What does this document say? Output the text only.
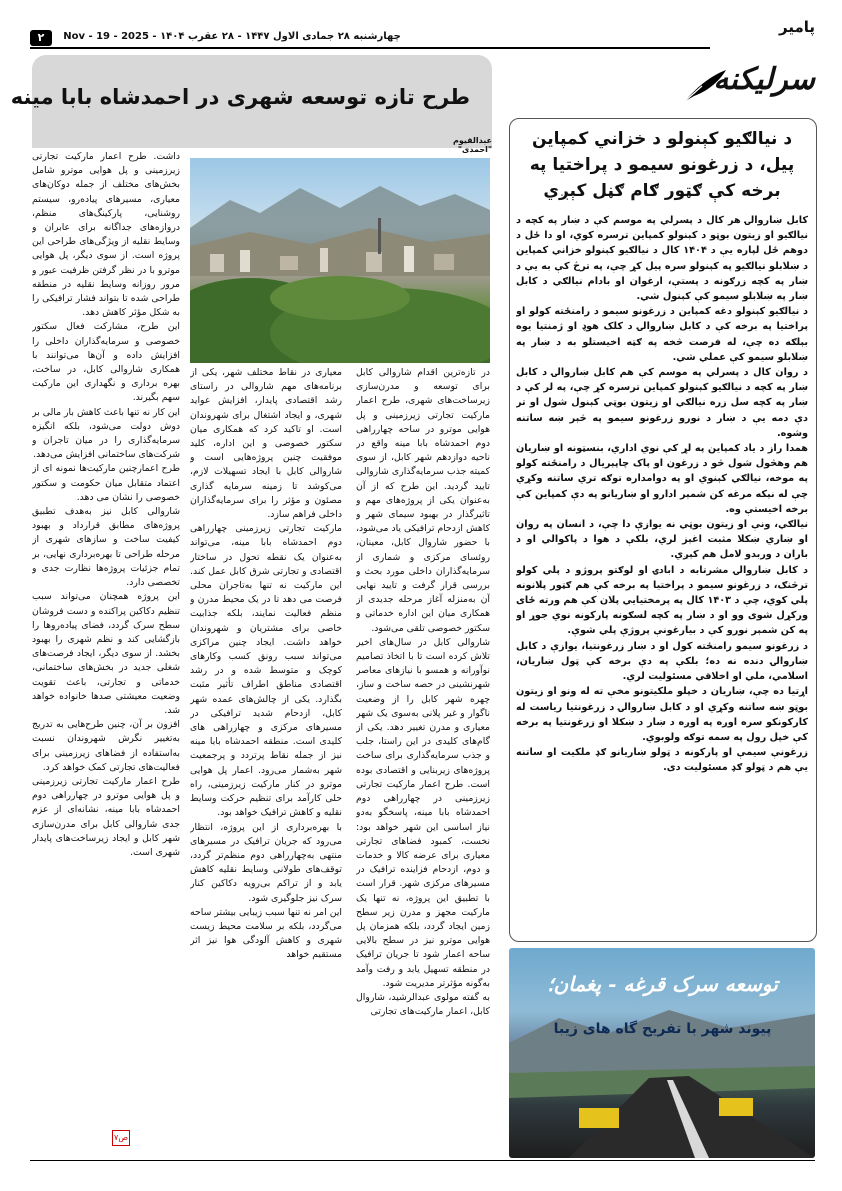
۲	چهارشنبه ۲۸ جمادی الاول ۱۴۴۷ - ۲۸ عقرب ۱۴۰۴ - Nov - 19 - 2025
پامیر
سرلیکنه
طرح تازه توسعه شهری در احمدشاه بابا مینه
عبدالقیوم "احمدی"

در تازه‌ترین اقدام شاروالی کابل برای توسعه و مدرن‌سازی زیرساخت‌های شهری، طرح اعمار مارکیت تجارتی زیرزمینی و پل هوایی موترو در ساحه چهارراهی دوم احمدشاه بابا مینه واقع در ناحیه دوازدهم شهر کابل، از سوی کمیته جذب سرمایه‌گذاری شاروالی تایید گردید. این طرح که از آن به‌عنوان یکی از پروژه‌های مهم و تاثیرگذار در بهبود سیمای شهر و کاهش ازدحام ترافیکی یاد می‌شود، با حضور شاروال کابل، معینان، روئسای مرکزی و شماری از سرمایه‌گذاران داخلی مورد بحث و بررسی قرار گرفت و تایید نهایی آن به‌منزله آغاز مرحله جدیدی از همکاری میان این اداره خدماتی و سکتور خصوصی تلقی می‌شود.

شاروالی کابل در سال‌های اخیر تلاش کرده است تا با اتخاذ تصامیم نوآورانه و همسو با نیازهای معاصر شهرنشینی در حصه ساخت و ساز، چهره شهر کابل را از وضعیت ناگوار و غیر پلانی به‌سوی یک شهر معیاری و مدرن تغییر دهد. یکی از گام‌های کلیدی در این راستا، جلب و جذب سرمایه‌گذاری برای ساخت پروژه‌های زیربنایی و اقتصادی بوده است. طرح اعمار مارکیت تجارتی زیرزمینی در چهارراهی دوم احمدشاه بابا مینه، پاسخگو به‌دو نیاز اساسی این شهر خواهد بود: نخست، کمبود فضاهای تجارتی معیاری برای عرضه کالا و خدمات و دوم، ازدحام فزاینده ترافیک در مسیرهای مرکزی شهر. قرار است با تطبیق این پروژه، نه تنها یک مارکیت مجهز و مدرن زیر سطح زمین ایجاد گردد، بلکه همزمان پل هوایی موترو نیز در سطح بالایی ساحه اعمار شود تا جریان ترافیک در منطقه تسهیل یابد و رفت وآمد به‌گونه مؤثرتر مدیریت شود.

به گفته مولوی عبدالرشید، شاروال کابل، اعمار مارکیت‌های تجارتی

معیاری در نقاط مختلف شهر، یکی از برنامه‌های مهم شاروالی در راستای رشد اقتصادی پایدار، افزایش عواید شهری، و ایجاد اشتغال برای شهروندان است. او تاکید کرد که همکاری میان سکتور خصوصی و این اداره، کلید موفقیت چنین پروژه‌هایی است و شاروالی کابل با ایجاد تسهیلات لازم، می‌کوشد تا زمینه سرمایه گذاری مصئون و مؤثر را برای سرمایه‌گذاران داخلی فراهم سازد.

مارکیت تجارتی زیرزمینی چهارراهی دوم احمدشاه بابا مینه، می‌تواند به‌عنوان یک نقطه تحول در ساختار اقتصادی و تجارتی شرق کابل عمل کند. این مارکیت نه تنها به‌تاجران محلی فرصت می دهد تا در یک محیط مدرن و منظم فعالیت نمایند، بلکه جذابیت خاصی برای مشتریان و شهروندان خواهد داشت. ایجاد چنین مراکزی می‌تواند سبب رونق کسب وکارهای کوچک و متوسط شده و در رشد اقتصادی مناطق اطراف تأثیر مثبت بگذارد. یکی از چالش‌های عمده شهر کابل، ازدحام شدید ترافیکی در مسیرهای مرکزی و چهارراهی های کلیدی است. منطقه احمدشاه بابا مینه نیز از جمله نقاط پرتردد و پرجمعیت شهر به‌شمار می‌رود. اعمار پل هوایی موترو در کنار مارکیت زیرزمینی، راه حلی کارآمد برای تنظیم حرکت وسایط نقلیه و کاهش ترافیک خواهد بود.

با بهره‌برداری از این پروژه، انتظار می‌رود که جریان ترافیک در مسیرهای منتهی به‌چهارراهی دوم منظم‌تر گردد، توقف‌های طولانی وسایط نقلیه کاهش یابد و از تراکم بی‌رویه دکاکین کنار سرک نیز جلوگیری شود.

این امر نه تنها سبب زیبایی بیشتر ساحه می‌گردد، بلکه بر سلامت محیط زیست شهری و کاهش آلودگی هوا نیز اثر مستقیم خواهد

داشت. طرح اعمار مارکیت تجارتی زیرزمینی و پل هوایی موترو شامل بخش‌های مختلف از جمله دوکان‌های معیاری، مسیرهای پیاده‌رو، سیستم روشنایی، پارکینگ‌های منظم، دروازه‌های جداگانه برای عابران و وسایط نقلیه از ویژگی‌های طراحی این پروژه است. از سوی دیگر، پل هوایی موترو با در نظر گرفتن ظرفیت عبور و مرور روزانه وسایط نقلیه در منطقه طراحی شده تا بتواند فشار ترافیکی را به شکل مؤثر کاهش دهد.

این طرح، مشارکت فعال سکتور خصوصی و سرمایه‌گذاران داخلی را افزایش داده و آن‌ها می‌توانند با همکاری شاروالی کابل، در ساخت، بهره برداری و نگهداری این مارکیت سهم بگیرند.

این کار نه تنها باعث کاهش بار مالی بر دوش دولت می‌شود، بلکه انگیزه سرمایه‌گذاری را در میان تاجران و شرکت‌های ساختمانی افزایش می‌دهد.

طرح اعمارچنین مارکیت‌ها نمونه ای از اعتماد متقابل میان حکومت و سکتور خصوصی را نشان می دهد.

شاروالی کابل نیز به‌هدف تطبیق پروژه‌های مطابق قرارداد و بهبود کیفیت ساخت و سازهای شهری از مرحله طراحی تا بهره‌برداری نهایی، بر تمام جزئیات پروژه‌ها نظارت جدی و تخصصی دارد.

این پروژه همچنان می‌تواند سبب تنظیم دکاکین پراکنده و دست فروشان سطح سرک گردد، فضای پیاده‌روها را بازگشایی کند و نظم شهری را بهبود بخشد. از سوی دیگر، ایجاد فرصت‌های شغلی جدید در بخش‌های ساختمانی، خدماتی و تجارتی، باعث تقویت وضعیت معیشتی صدها خانواده خواهد شد.

افزون بر آن، چنین طرح‌هایی به تدریج به‌تغییر نگرش شهروندان نسبت به‌استفاده از فضاهای زیرزمینی برای فعالیت‌های تجارتی کمک خواهد کرد.

طرح اعمار مارکیت تجارتی زیرزمینی و پل هوایی موترو در چهارراهی دوم احمدشاه بابا مینه، نشانه‌ای از عزم جدی شاروالی کابل برای مدرن‌سازی شهر کابل و ایجاد زیرساخت‌های پایدار شهری است.

ص۷
د نیالګیو کېنولو د خزاني کمپاین پیل، د زرغونو سیمو د پراختیا په برخه کې ګټور ګام ګڼل کېږي

کابل ښاروالۍ هر کال د پسرلي په موسم کې د ښار په کچه د نیالګیو او زیتون بوټو د کېنولو کمپاین ترسره کوي، او دا ځل د دوهم ځل لپاره یې د ۱۴۰۴ کال د نیالګیو کېنولو خزاني کمپاین د ښلابلو نیالګیو په کېنولو سره پیل کړ چې، په ترڅ کې به یې د ښار په کچه زرګونه د پستې، ارغوان او بادام نیالګي د کابل ښار په ښلابلو سیمو کې کېنول شي.

د نیالګیو کېنولو دغه کمپاین د زرغونو سیمو د رامنځته کولو او پراختیا په برخه کې د کابل ښاروالۍ د کلک هوډ او ژمنتیا یوه بېلګه ده چې، له فرصت څخه په ګټه اخیستلو به د ښار په ښلابلو سیمو کې عملي شي.

د روان کال د پسرلي په موسم کې هم کابل ښاروالۍ د کابل ښار په کچه د نیالګیو کېنولو کمپاین ترسره کړ چې، په لر کې د ښار په کچه سل زره نیالګي او زیتون بوټي کېنول شول او تر دې دمه یې د ښار د نورو زرغونو سیمو په څېر ښه ساتنه وشوه.

همدا راز د یاد کمپاین په لړ کې نوي اداري، بنسټونه او ښاریان هم وهڅول شول څو د زرغون او پاک چاپېریال د رامنځته کولو په موخه، نیالګي کېنوي او په دوامداره توګه تري ساتنه وکړي چې له نېکه مرغه کن شمېر ادارو او ښاریانو په دې کمپاین کې برخه اخیستې وه.

نیالګي، ونې او زیتون بوټي نه یوازې دا چې، د انسان په روان او ښاري ښکلا مثبت اغېز لري، بلکې د هوا د پاکوالي او د باران د وربدو لامل هم کېږي.

د کابل ښاروالۍ مشرتابه د ابادۍ او لوګتو پروژو د پلي کولو ترڅنګ، د زرغونو سیمو د پراختیا په برخه کې هم ګټور پلانونه پلي کوي، چې د ۱۴۰۳ کال په پرمختیایي پلان کې هم ورته ځای ورکړل شوی وو او د ښار په کچه لسګونه پارکونه نوي جوړ او په کن شمېر نورو کې د بیارغونې پروژې پلي شوې.

د زرغونو سیمو رامنځته کول او د ښار زرغونتیا، یوازې د کابل ښاروالۍ دنده نه ده؛ بلکې په دې برخه کې ټول ښاریان، اسلامي، ملي او اخلاقي مسئولیت لري.

اړتیا ده چې، ښاریان د خپلو ملکیتونو مخې ته له ونو او زیتون بوټو ښه ساتنه وکړي او د کابل ښاروالۍ د زرغونتیا ریاست له کارکونکو سره اوږه په اوږه د ښار د ښکلا او زرغونتیا په برخه کې خپل رول په سمه توګه ولوبوي.

زرغونې سیمې او پارکونه د ټولو ښاریانو ګډ ملکیت او ساتنه یې هم د ټولو ګډ مسئولیت دی.

توسعه سرک قرغه - پغمان؛
پیوند شهر با تفریح گاه های زیبا
